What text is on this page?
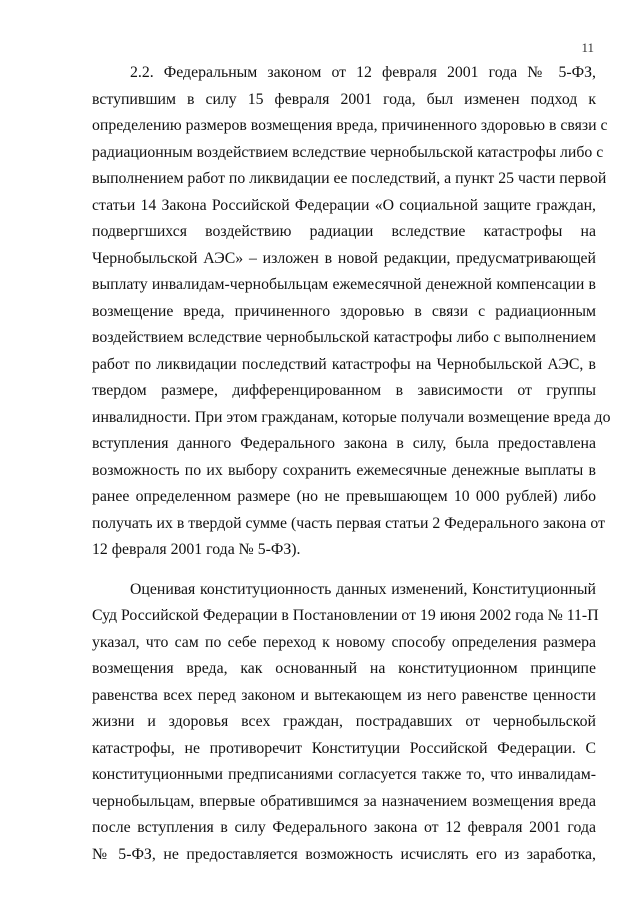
11
2.2. Федеральным законом от 12 февраля 2001 года № 5-ФЗ,
вступившим в силу 15 февраля 2001 года, был изменен подход к
определению размеров возмещения вреда, причиненного здоровью в связи с
радиационным воздействием вследствие чернобыльской катастрофы либо с
выполнением работ по ликвидации ее последствий, а пункт 25 части первой
статьи 14 Закона Российской Федерации «О социальной защите граждан,
подвергшихся воздействию радиации вследствие катастрофы на
Чернобыльской АЭС» – изложен в новой редакции, предусматривающей
выплату инвалидам-чернобыльцам ежемесячной денежной компенсации в
возмещение вреда, причиненного здоровью в связи с радиационным
воздействием вследствие чернобыльской катастрофы либо с выполнением
работ по ликвидации последствий катастрофы на Чернобыльской АЭС, в
твердом размере, дифференцированном в зависимости от группы
инвалидности. При этом гражданам, которые получали возмещение вреда до
вступления данного Федерального закона в силу, была предоставлена
возможность по их выбору сохранить ежемесячные денежные выплаты в
ранее определенном размере (но не превышающем 10 000 рублей) либо
получать их в твердой сумме (часть первая статьи 2 Федерального закона от
12 февраля 2001 года № 5-ФЗ).
Оценивая конституционность данных изменений, Конституционный
Суд Российской Федерации в Постановлении от 19 июня 2002 года № 11-П
указал, что сам по себе переход к новому способу определения размера
возмещения вреда, как основанный на конституционном принципе
равенства всех перед законом и вытекающем из него равенстве ценности
жизни и здоровья всех граждан, пострадавших от чернобыльской
катастрофы, не противоречит Конституции Российской Федерации. С
конституционными предписаниями согласуется также то, что инвалидам-
чернобыльцам, впервые обратившимся за назначением возмещения вреда
после вступления в силу Федерального закона от 12 февраля 2001 года
№ 5-ФЗ, не предоставляется возможность исчислять его из заработка,
